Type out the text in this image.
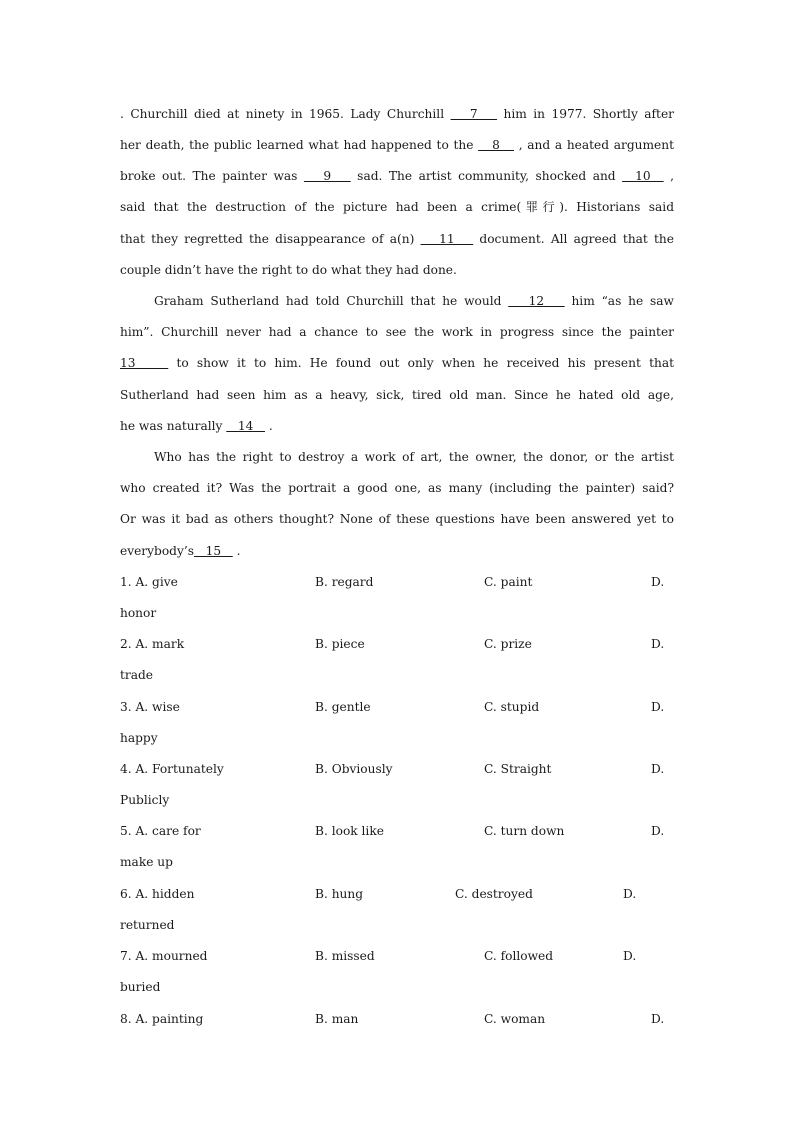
. Churchill died at ninety in 1965. Lady Churchill    7    him in 1977. Shortly after
her death, the public learned what had happened to the    8    , and a heated argument
broke out. The painter was    9    sad. The artist community, shocked and   10   ,
said that the destruction of the picture had been a crime(罪行). Historians said
that they regretted the disappearance of a(n)    11    document. All agreed that the
couple didn’t have the right to do what they had done.
Graham Sutherland had told Churchill that he would    12    him “as he saw
him”. Churchill never had a chance to see the work in progress since the painter
13     to show it to him. He found out only when he received his present that
Sutherland had seen him as a heavy, sick, tired old man. Since he hated old age,
he was naturally    14    .
Who has the right to destroy a work of art, the owner, the donor, or the artist
who created it? Was the portrait a good one, as many (including the painter) said?
Or was it bad as others thought? None of these questions have been answered yet to
everybody’s   15    .
1. A. give	B. regard	C. paint	D.
honor
2. A. mark	B. piece	C. prize	D.
trade
3. A. wise	B. gentle	C. stupid	D.
happy
4. A. Fortunately	B. Obviously	C. Straight	D.
Publicly
5. A. care for	B. look like	C. turn down	D.
make up
6. A. hidden	B. hung	C. destroyed	D.
returned
7. A. mourned	B. missed	C. followed	D.
buried
8. A. painting	B. man	C. woman	D.
